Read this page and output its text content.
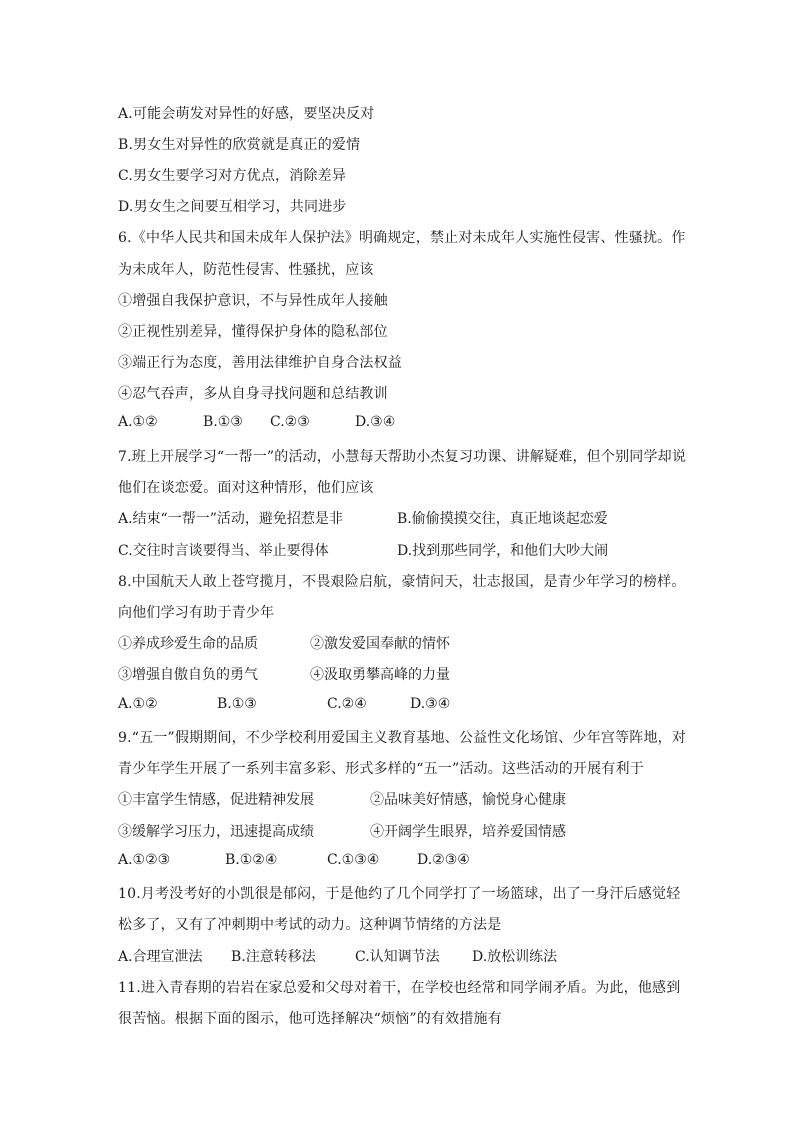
A.可能会萌发对异性的好感，要坚决反对
B.男女生对异性的欣赏就是真正的爱情
C.男女生要学习对方优点，消除差异
D.男女生之间要互相学习，共同进步
6.《中华人民共和国未成年人保护法》明确规定，禁止对未成年人实施性侵害、性骚扰。作
为未成年人，防范性侵害、性骚扰，应该
①增强自我保护意识，不与异性成年人接触
②正视性别差异，懂得保护身体的隐私部位
③端正行为态度，善用法律维护自身合法权益
④忍气吞声，多从自身寻找问题和总结教训
A.①②	B.①③ C.②③	D.③④
7.班上开展学习“一帮一”的活动，小慧每天帮助小杰复习功课、讲解疑难，但个别同学却说
他们在谈恋爱。面对这种情形，他们应该
A.结束“一帮一”活动，避免招惹是非	B.偷偷摸摸交往，真正地谈起恋爱
C.交往时言谈要得当、举止要得体	D.找到那些同学，和他们大吵大闹
8.中国航天人敢上苍穹揽月，不畏艰险启航，豪情问天，壮志报国，是青少年学习的榜样。
向他们学习有助于青少年
①养成珍爱生命的品质	②激发爱国奉献的情怀
③增强自傲自负的勇气	④汲取勇攀高峰的力量
A.①②	B.①③	C.②④	D.③④
9.“五一”假期期间，不少学校利用爱国主义教育基地、公益性文化场馆、少年宫等阵地，对
青少年学生开展了一系列丰富多彩、形式多样的“五一”活动。这些活动的开展有利于
①丰富学生情感，促进精神发展	②品味美好情感，愉悦身心健康
③缓解学习压力，迅速提高成绩	④开阔学生眼界，培养爱国情感
A.①②③	B.①②④	C.①③④	D.②③④
10.月考没考好的小凯很是郁闷，于是他约了几个同学打了一场篮球，出了一身汗后感觉轻
松多了，又有了冲刺期中考试的动力。这种调节情绪的方法是
A.合理宣泄法 B.注意转移法	C.认知调节法 D.放松训练法
11.进入青春期的岩岩在家总爱和父母对着干，在学校也经常和同学闹矛盾。为此，他感到
很苦恼。根据下面的图示，他可选择解决“烦恼”的有效措施有
